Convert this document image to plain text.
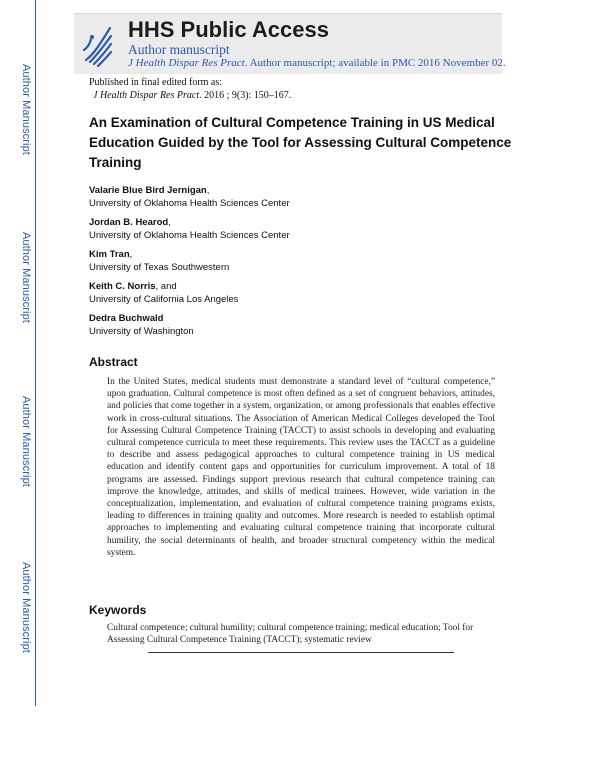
Author Manuscript
Author Manuscript
Author Manuscript
Author Manuscript
HHS Public Access
Author manuscript
J Health Dispar Res Pract. Author manuscript; available in PMC 2016 November 02.
Published in final edited form as:
J Health Dispar Res Pract. 2016 ; 9(3): 150–167.
An Examination of Cultural Competence Training in US Medical Education Guided by the Tool for Assessing Cultural Competence Training
Valarie Blue Bird Jernigan,
University of Oklahoma Health Sciences Center
Jordan B. Hearod,
University of Oklahoma Health Sciences Center
Kim Tran,
University of Texas Southwestern
Keith C. Norris, and
University of California Los Angeles
Dedra Buchwald
University of Washington
Abstract
In the United States, medical students must demonstrate a standard level of “cultural competence,” upon graduation. Cultural competence is most often defined as a set of congruent behaviors, attitudes, and policies that come together in a system, organization, or among professionals that enables effective work in cross-cultural situations. The Association of American Medical Colleges developed the Tool for Assessing Cultural Competence Training (TACCT) to assist schools in developing and evaluating cultural competence curricula to meet these requirements. This review uses the TACCT as a guideline to describe and assess pedagogical approaches to cultural competence training in US medical education and identify content gaps and opportunities for curriculum improvement. A total of 18 programs are assessed. Findings support previous research that cultural competence training can improve the knowledge, attitudes, and skills of medical trainees. However, wide variation in the conceptualization, implementation, and evaluation of cultural competence training programs exists, leading to differences in training quality and outcomes. More research is needed to establish optimal approaches to implementing and evaluating cultural competence training that incorporate cultural humility, the social determinants of health, and broader structural competency within the medical system.
Keywords
Cultural competence; cultural humility; cultural competence training; medical education; Tool for Assessing Cultural Competence Training (TACCT); systematic review
